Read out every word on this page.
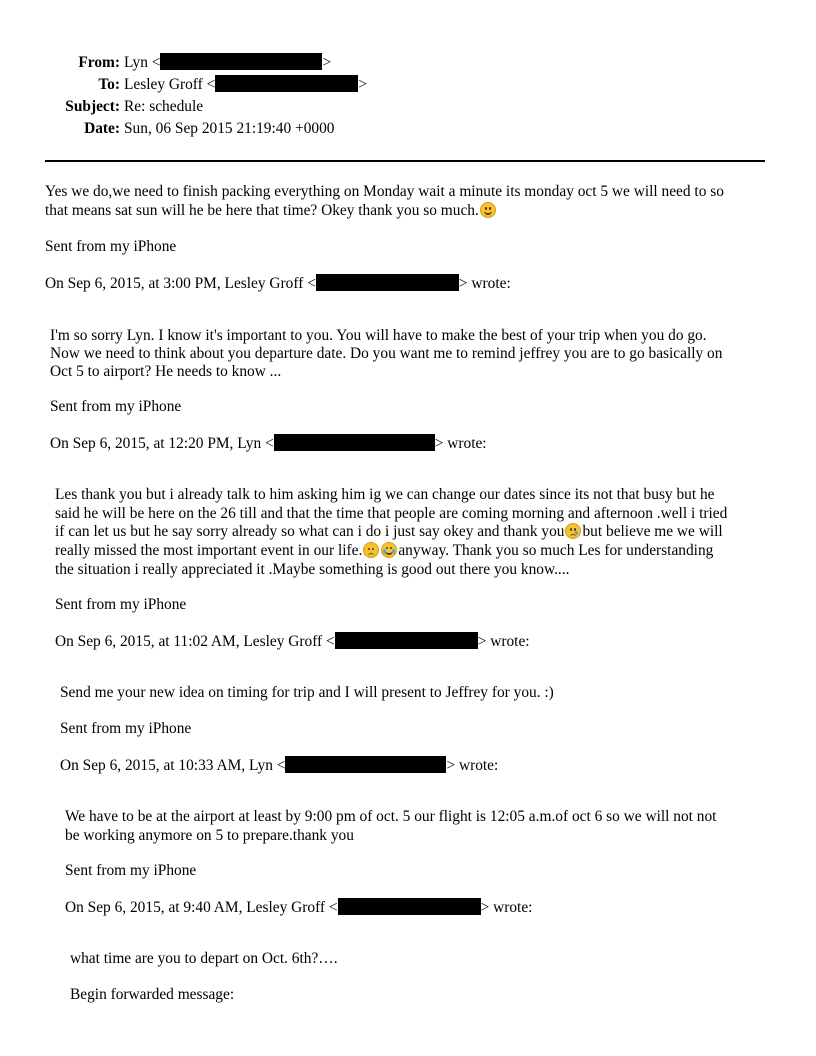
From: Lyn <	>
To: Lesley Groff <	>
Subject: Re: schedule
Date: Sun, 06 Sep 2015 21:19:40 +0000
Yes we do,we need to finish packing everything on Monday wait a minute its monday oct 5 we will need to so
that means sat sun will he be here that time? Okey thank you so much.
Sent from my iPhone
On Sep 6, 2015, at 3:00 PM, Lesley Groff <	> wrote:
I'm so sorry Lyn. I know it's important to you. You will have to make the best of your trip when you do go.
Now we need to think about you departure date. Do you want me to remind jeffrey you are to go basically on
Oct 5 to airport? He needs to know ...
Sent from my iPhone
On Sep 6, 2015, at 12:20 PM, Lyn <	> wrote:
Les thank you but i already talk to him asking him ig we can change our dates since its not that busy but he
said he will be here on the 26 till and that the time that people are coming morning and afternoon .well i tried
if can let us but he say sorry already so what can i do i just say okey and thank you but believe me we will
really missed the most important event in our life. anyway. Thank you so much Les for understanding
the situation i really appreciated it .Maybe something is good out there you know....
Sent from my iPhone
On Sep 6, 2015, at 11:02 AM, Lesley Groff <	> wrote:
Send me your new idea on timing for trip and I will present to Jeffrey for you. :)
Sent from my iPhone
On Sep 6, 2015, at 10:33 AM, Lyn <	> wrote:
We have to be at the airport at least by 9:00 pm of oct. 5 our flight is 12:05 a.m.of oct 6 so we will not not
be working anymore on 5 to prepare.thank you
Sent from my iPhone
On Sep 6, 2015, at 9:40 AM, Lesley Groff <	> wrote:
what time are you to depart on Oct. 6th?….
Begin forwarded message:
